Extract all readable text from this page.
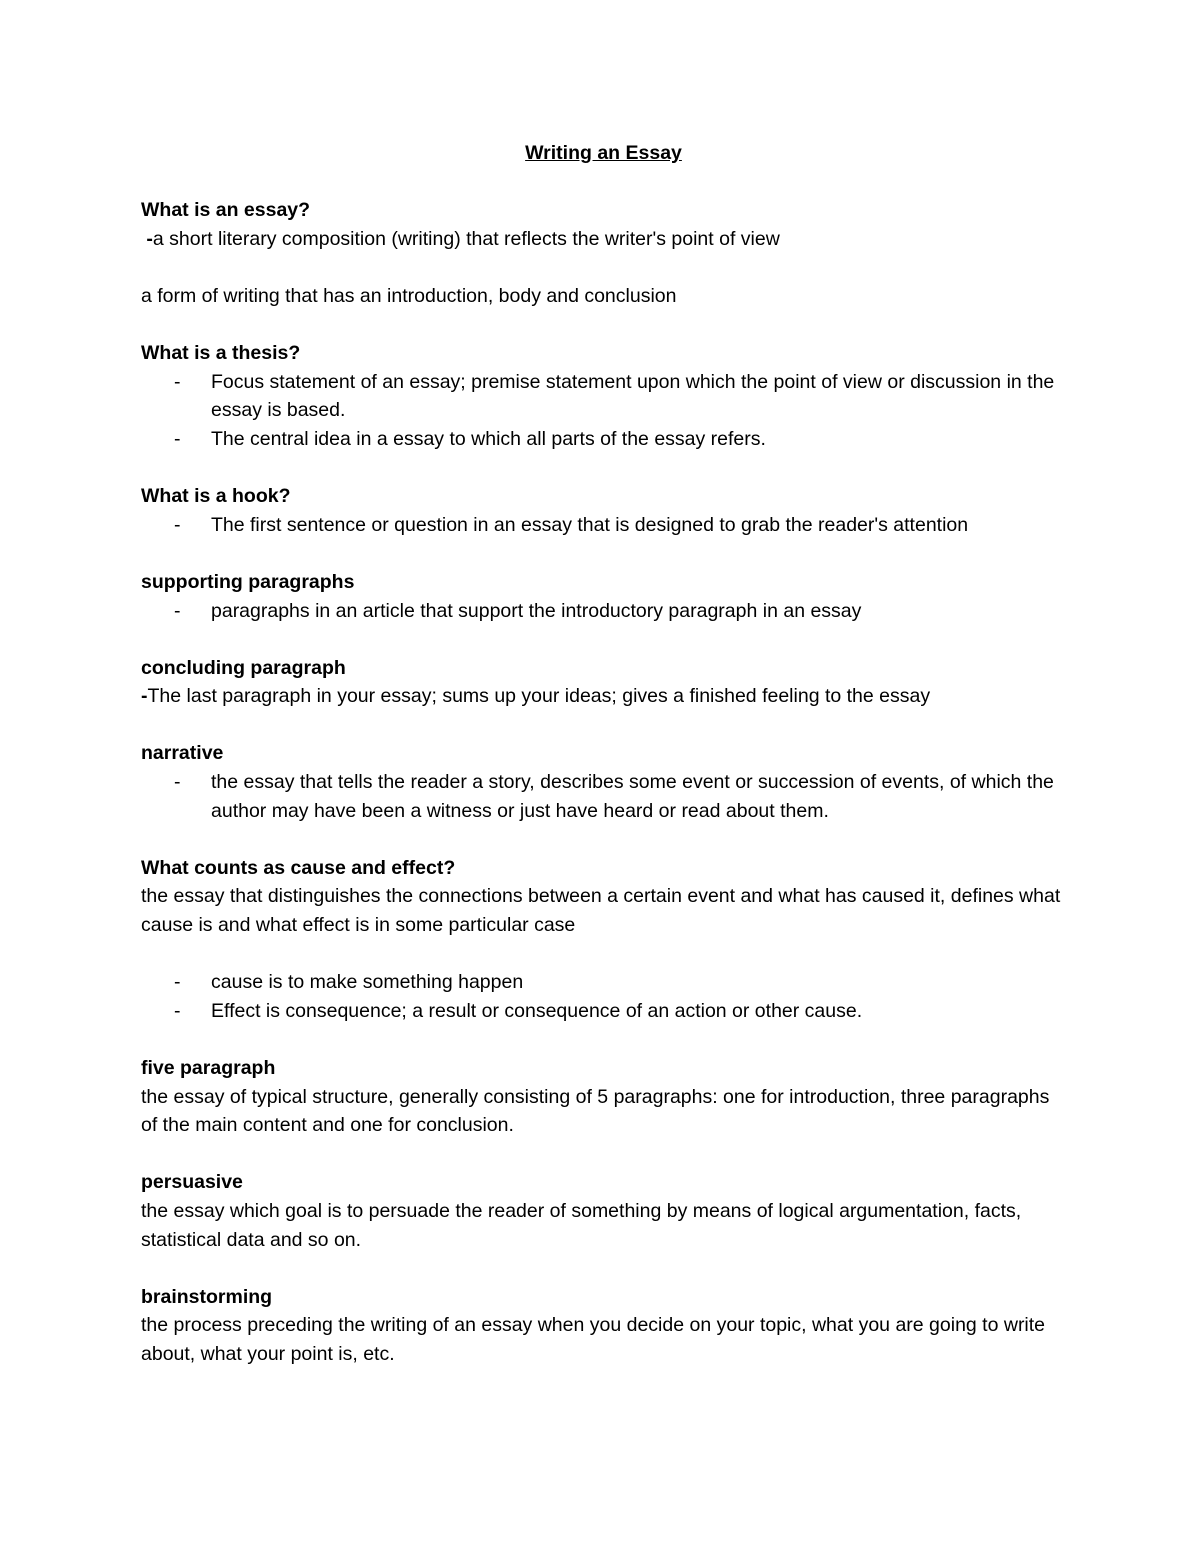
Writing an Essay

What is an essay?

-a short literary composition (writing) that reflects the writer's point of view

a form of writing that has an introduction, body and conclusion

What is a thesis?

- Focus statement of an essay; premise statement upon which the point of view or discussion in the essay is based.
- The central idea in a essay to which all parts of the essay refers.

What is a hook?

- The first sentence or question in an essay that is designed to grab the reader's attention

supporting paragraphs

- paragraphs in an article that support the introductory paragraph in an essay

concluding paragraph

-The last paragraph in your essay; sums up your ideas; gives a finished feeling to the essay

narrative

- the essay that tells the reader a story, describes some event or succession of events, of which the author may have been a witness or just have heard or read about them.

What counts as cause and effect?

the essay that distinguishes the connections between a certain event and what has caused it, defines what cause is and what effect is in some particular case

- cause is to make something happen
- Effect is consequence; a result or consequence of an action or other cause.

five paragraph

the essay of typical structure, generally consisting of 5 paragraphs: one for introduction, three paragraphs of the main content and one for conclusion.

persuasive

the essay which goal is to persuade the reader of something by means of logical argumentation, facts, statistical data and so on.

brainstorming

the process preceding the writing of an essay when you decide on your topic, what you are going to write about, what your point is, etc.
